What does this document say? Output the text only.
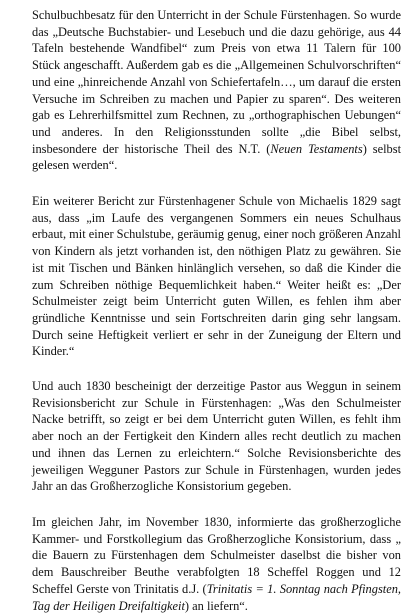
Schulbuchbesatz für den Unterricht in der Schule Fürstenhagen. So wurde das „Deutsche Buchstabier- und Lesebuch und die dazu gehörige, aus 44 Tafeln bestehende Wandfibel“ zum Preis von etwa 11 Talern für 100 Stück angeschafft. Außerdem gab es die „Allgemeinen Schulvorschriften“ und eine „hinreichende Anzahl von Schiefertafeln…, um darauf die ersten Versuche im Schreiben zu machen und Papier zu sparen“. Des weiteren gab es Lehrerhilfsmittel zum Rechnen, zu „orthographischen Uebungen“ und anderes. In den Religionsstunden sollte „die Bibel selbst, insbesondere der historische Theil des N.T. (Neuen Testaments) selbst gelesen werden“.

Ein weiterer Bericht zur Fürstenhagener Schule von Michaelis 1829 sagt aus, dass „im Laufe des vergangenen Sommers ein neues Schulhaus erbaut, mit einer Schulstube, geräumig genug, einer noch größeren Anzahl von Kindern als jetzt vorhanden ist, den nöthigen Platz zu gewähren. Sie ist mit Tischen und Bänken hinlänglich versehen, so daß die Kinder die zum Schreiben nöthige Bequemlichkeit haben.“ Weiter heißt es: „Der Schulmeister zeigt beim Unterricht guten Willen, es fehlen ihm aber gründliche Kenntnisse und sein Fortschreiten darin ging sehr langsam. Durch seine Heftigkeit verliert er sehr in der Zuneigung der Eltern und Kinder.“

Und auch 1830 bescheinigt der derzeitige Pastor aus Weggun in seinem Revisionsbericht zur Schule in Fürstenhagen: „Was den Schulmeister Nacke betrifft, so zeigt er bei dem Unterricht guten Willen, es fehlt ihm aber noch an der Fertigkeit den Kindern alles recht deutlich zu machen und ihnen das Lernen zu erleichtern.“ Solche Revisionsberichte des jeweiligen Wegguner Pastors zur Schule in Fürstenhagen, wurden jedes Jahr an das Großherzogliche Konsistorium gegeben.

Im gleichen Jahr, im November 1830, informierte das großherzogliche Kammer- und Forstkollegium das Großherzogliche Konsistorium, dass „ die Bauern zu Fürstenhagen dem Schulmeister daselbst die bisher von dem Bauschreiber Beuthe verabfolgten 18 Scheffel Roggen und 12 Scheffel Gerste von Trinitatis d.J. (Trinitatis = 1. Sonntag nach Pfingsten, Tag der Heiligen Dreifaltigkeit) an liefern“.
